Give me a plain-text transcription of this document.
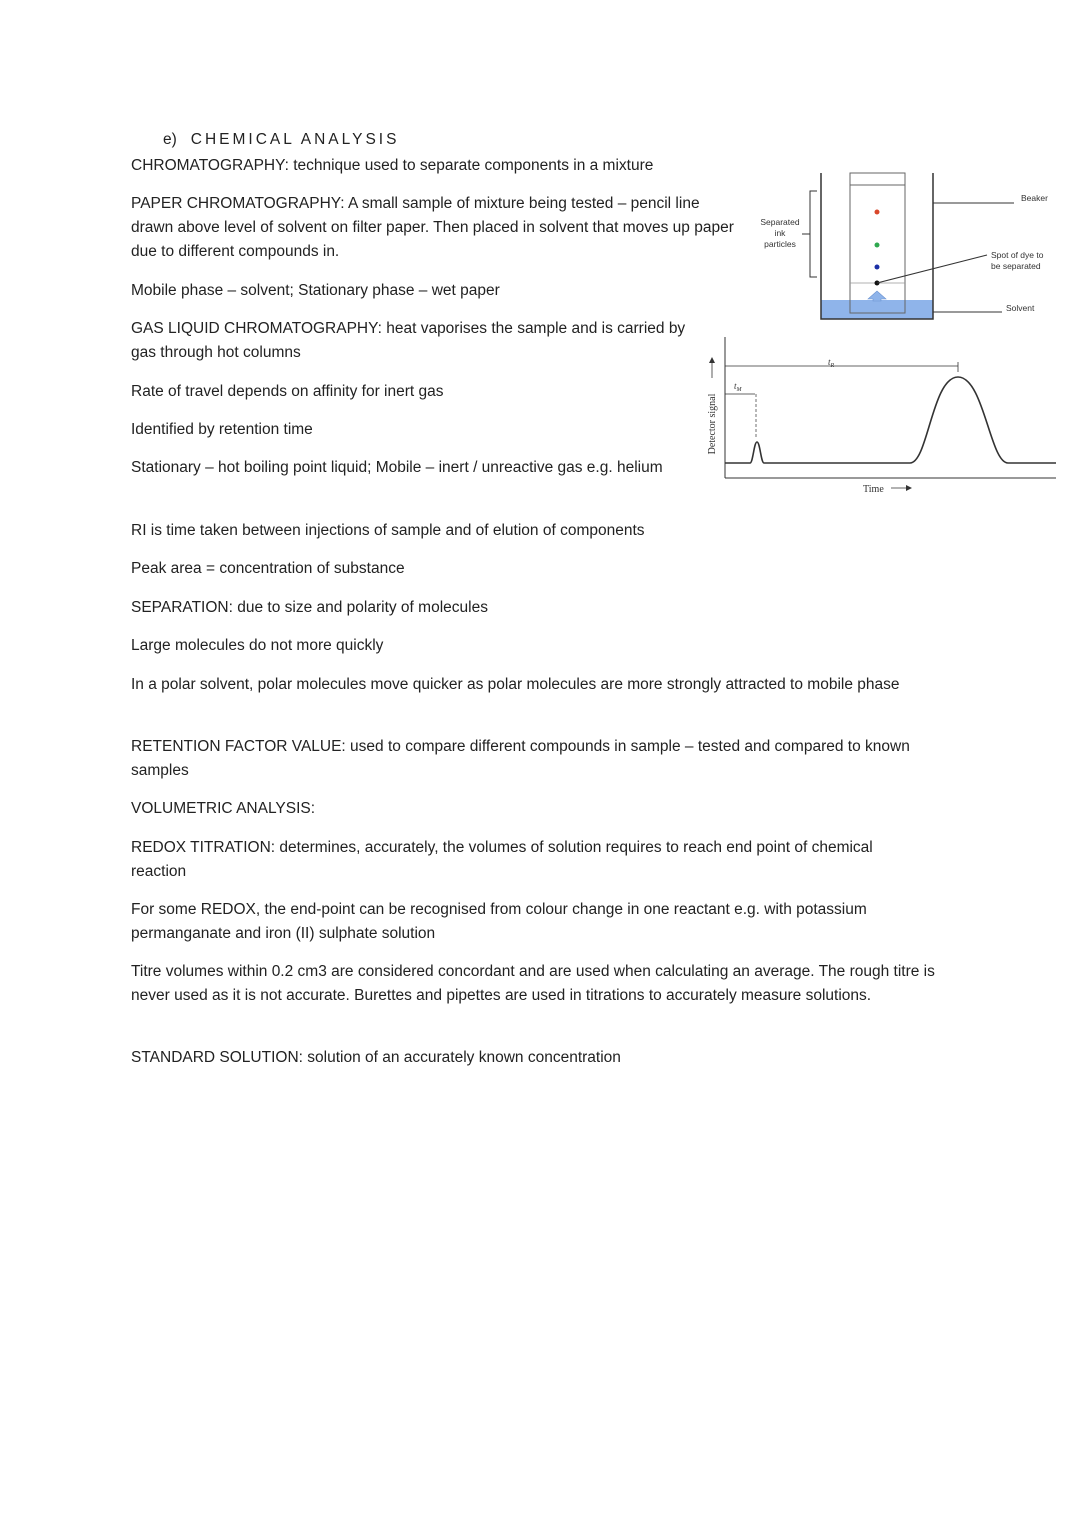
e) CHEMICAL ANALYSIS

CHROMATOGRAPHY: technique used to separate components in a mixture

PAPER CHROMATOGRAPHY: A small sample of mixture being tested – pencil line drawn above level of solvent on filter paper. Then placed in solvent that moves up paper due to different compounds in.

Mobile phase – solvent; Stationary phase – wet paper

GAS LIQUID CHROMATOGRAPHY: heat vaporises the sample and is carried by gas through hot columns

Rate of travel depends on affinity for inert gas

Identified by retention time

Stationary – hot boiling point liquid; Mobile – inert / unreactive gas e.g. helium

RI is time taken between injections of sample and of elution of components

Peak area = concentration of substance

SEPARATION: due to size and polarity of molecules

Large molecules do not more quickly

In a polar solvent, polar molecules move quicker as polar molecules are more strongly attracted to mobile phase

RETENTION FACTOR VALUE: used to compare different compounds in sample – tested and compared to known samples

VOLUMETRIC ANALYSIS:

REDOX TITRATION: determines, accurately, the volumes of solution requires to reach end point of chemical reaction

For some REDOX, the end-point can be recognised from colour change in one reactant e.g. with potassium permanganate and iron (II) sulphate solution

Titre volumes within 0.2 cm3 are considered concordant and are used when calculating an average. The rough titre is never used as it is not accurate. Burettes and pipettes are used in titrations to accurately measure solutions.

STANDARD SOLUTION: solution of an accurately known concentration

Separated
ink
particles
Beaker
Spot of dye to
be separated
Solvent
Detector signal
$t_M$
$t_R$
Time
